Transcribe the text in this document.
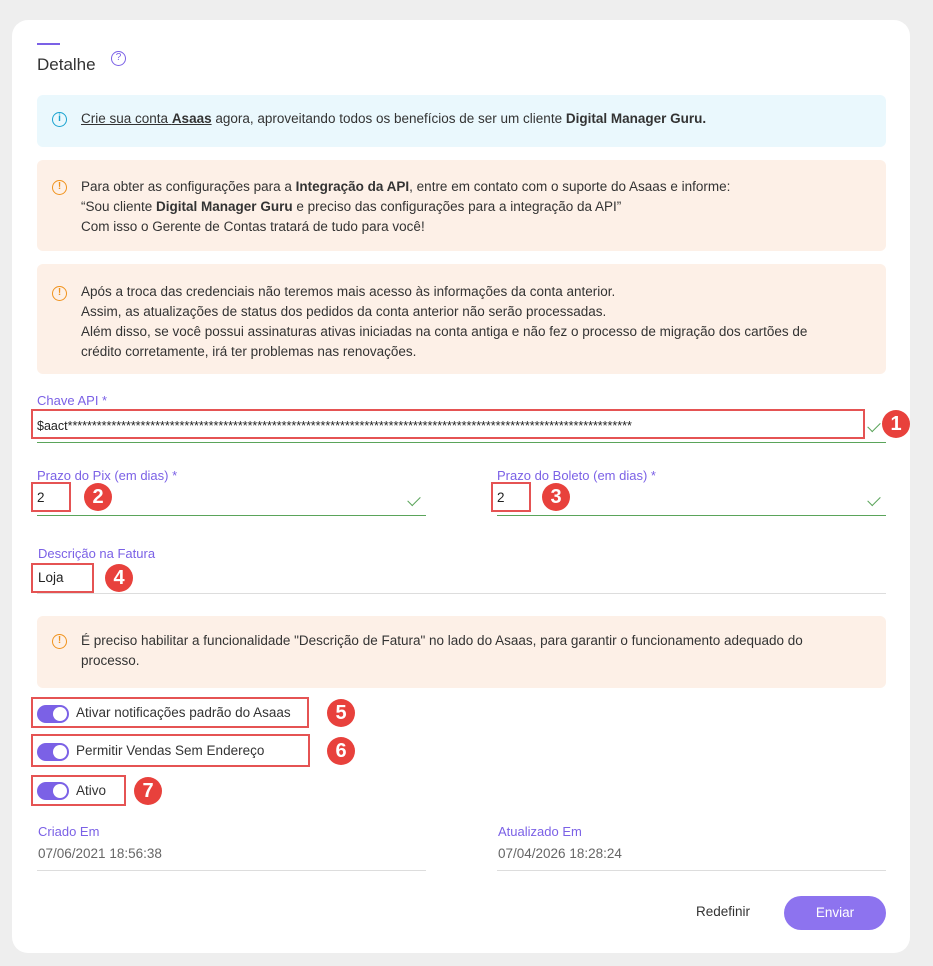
Detalhe	?
i	Crie sua conta Asaas agora, aproveitando todos os benefícios de ser um cliente Digital Manager Guru.
!	Para obter as configurações para a Integração da API, entre em contato com o suporte do Asaas e informe:
“Sou cliente Digital Manager Guru e preciso das configurações para a integração da API”
Com isso o Gerente de Contas tratará de tudo para você!
!	Após a troca das credenciais não teremos mais acesso às informações da conta anterior.
Assim, as atualizações de status dos pedidos da conta anterior não serão processadas.
Além disso, se você possui assinaturas ativas iniciadas na conta antiga e não fez o processo de migração dos cartões de
crédito corretamente, irá ter problemas nas renovações.
Chave API *
$aact********************************************************************************************************************	1
Prazo do Pix (em dias) *
2	2
Prazo do Boleto (em dias) *
2	3
Descrição na Fatura
Loja	4
!	É preciso habilitar a funcionalidade "Descrição de Fatura" no lado do Asaas, para garantir o funcionamento adequado do
processo.
Ativar notificações padrão do Asaas	5
Permitir Vendas Sem Endereço	6
Ativo	7
Criado Em
07/06/2021 18:56:38
Atualizado Em
07/04/2026 18:28:24
Redefinir	Enviar
